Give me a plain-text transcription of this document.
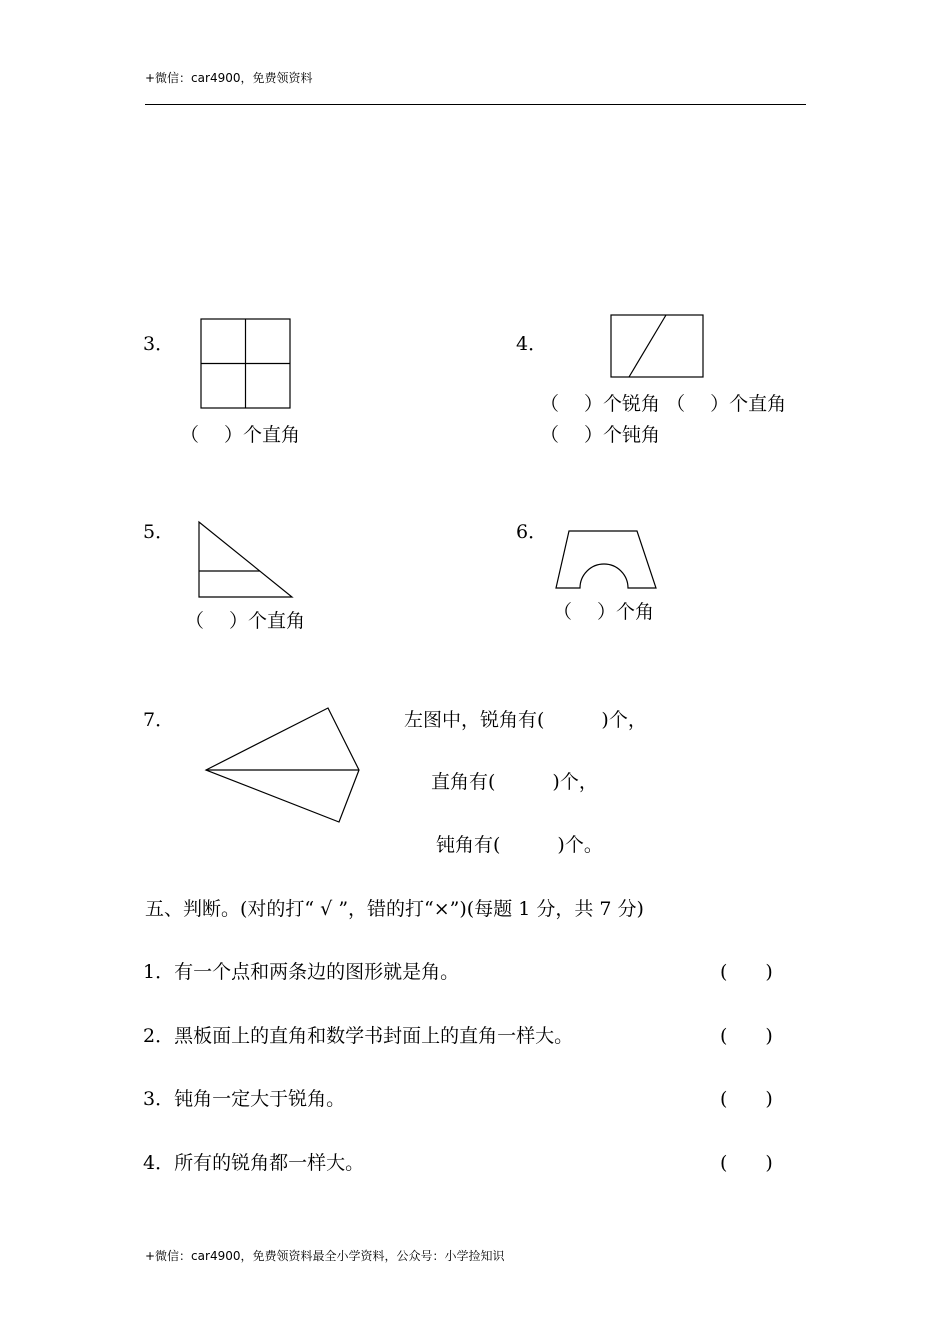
+微信：car4900，免费领资料
3．
（　 ）个直角
4．
（　 ）个锐角 （　 ）个直角
（　 ）个钝角
5．
（　 ）个直角
6．
（　 ）个角
7．	左图中，锐角有(　　　)个，
直角有(　　　)个，
钝角有(　　　)个。
五、判断。(对的打“ √ ”，错的打“×”)(每题 1 分，共 7 分)
1．有一个点和两条边的图形就是角。	(　　)
2．黑板面上的直角和数学书封面上的直角一样大。	(　　)
3．钝角一定大于锐角。	(　　)
4．所有的锐角都一样大。	(　　)
+微信：car4900，免费领资料最全小学资料，公众号：小学捡知识
